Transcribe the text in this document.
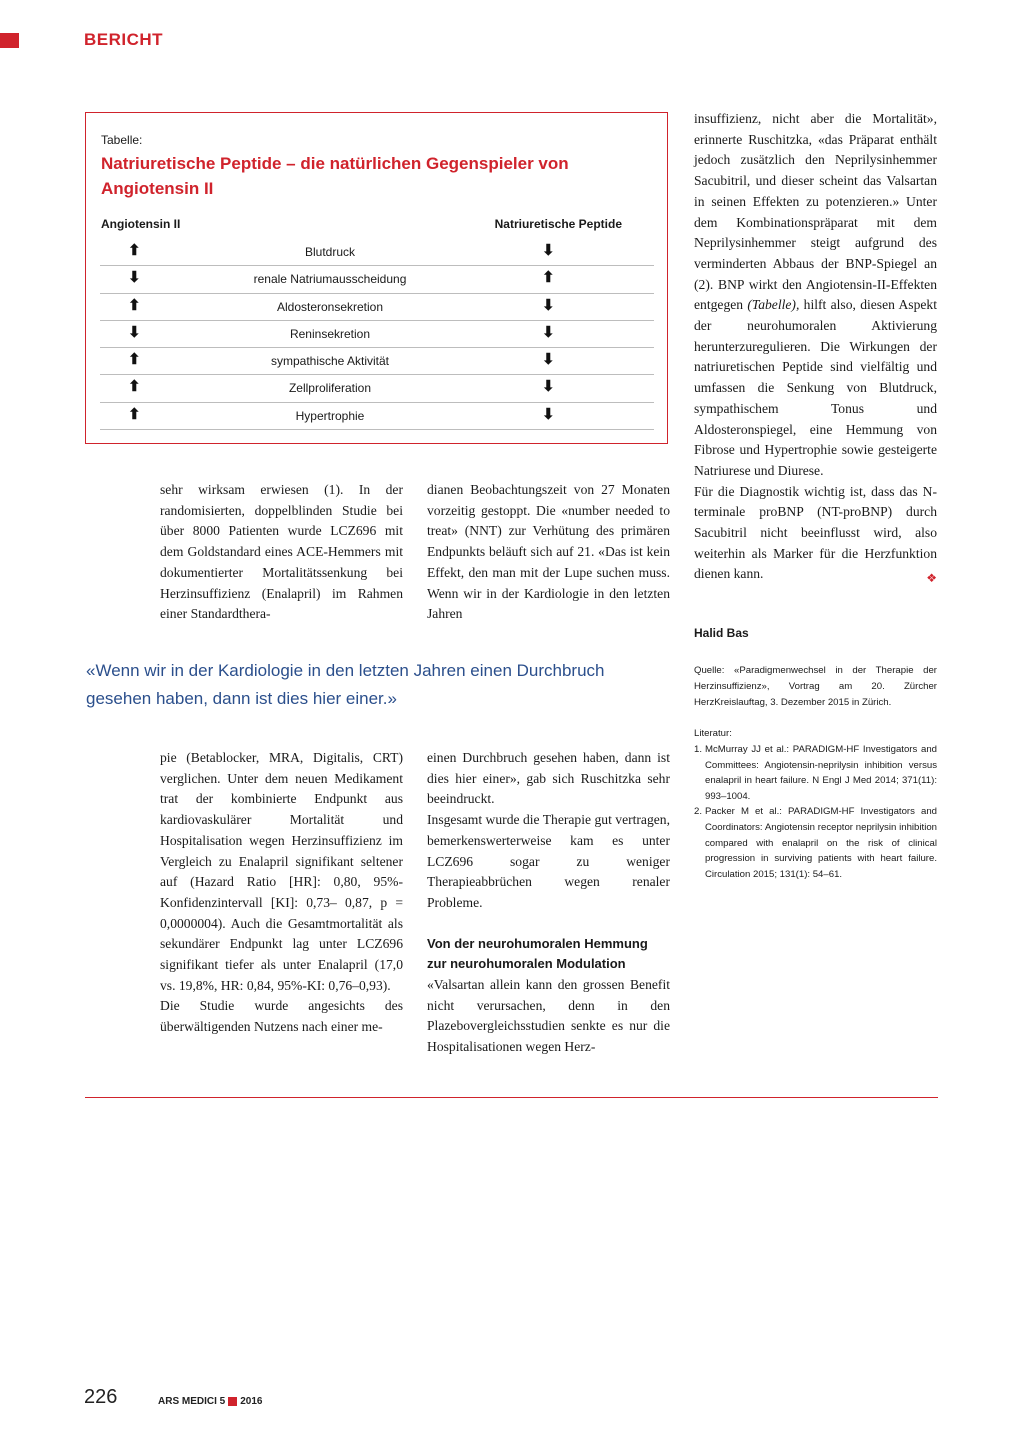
BERICHT
Tabelle:
Natriuretische Peptide – die natürlichen Gegenspieler von Angiotensin II
Angiotensin II	Natriuretische Peptide
⬆	Blutdruck	⬇
⬇	renale Natriumausscheidung	⬆
⬆	Aldosteronsekretion	⬇
⬇	Reninsekretion	⬇
⬆	sympathische Aktivität	⬇
⬆	Zellproliferation	⬇
⬆	Hypertrophie	⬇

sehr wirksam erwiesen (1). In der randomisierten, doppelblinden Studie bei über 8000 Patienten wurde LCZ696 mit dem Goldstandard eines ACE-Hemmers mit dokumentierter Mortalitätssenkung bei Herzinsuffizienz (Enalapril) im Rahmen einer Standardthera-

dianen Beobachtungszeit von 27 Monaten vorzeitig gestoppt. Die «number needed to treat» (NNT) zur Verhütung des primären Endpunkts beläuft sich auf 21. «Das ist kein Effekt, den man mit der Lupe suchen muss. Wenn wir in der Kardiologie in den letzten Jahren

«Wenn wir in der Kardiologie in den letzten Jahren einen Durchbruch gesehen haben, dann ist dies hier einer.»

pie (Betablocker, MRA, Digitalis, CRT) verglichen. Unter dem neuen Medikament trat der kombinierte Endpunkt aus kardiovaskulärer Mortalität und Hospitalisation wegen Herzinsuffizienz im Vergleich zu Enalapril signifikant seltener auf (Hazard Ratio [HR]: 0,80, 95%-Konfidenzintervall [KI]: 0,73– 0,87, p = 0,0000004). Auch die Gesamtmortalität als sekundärer Endpunkt lag unter LCZ696 signifikant tiefer als unter Enalapril (17,0 vs. 19,8%, HR: 0,84, 95%-KI: 0,76–0,93).

Die Studie wurde angesichts des überwältigenden Nutzens nach einer me-

einen Durchbruch gesehen haben, dann ist dies hier einer», gab sich Ruschitzka sehr beeindruckt.

Insgesamt wurde die Therapie gut vertragen, bemerkenswerterweise kam es unter LCZ696 sogar zu weniger Therapieabbrüchen wegen renaler Probleme.

Von der neurohumoralen Hemmung zur neurohumoralen Modulation

«Valsartan allein kann den grossen Benefit nicht verursachen, denn in den Plazebovergleichsstudien senkte es nur die Hospitalisationen wegen Herz-

insuffizienz, nicht aber die Mortalität», erinnerte Ruschitzka, «das Präparat enthält jedoch zusätzlich den Neprilysinhemmer Sacubitril, und dieser scheint das Valsartan in seinen Effekten zu potenzieren.» Unter dem Kombinationspräparat mit dem Neprilysinhemmer steigt aufgrund des verminderten Abbaus der BNP-Spiegel an (2). BNP wirkt den Angiotensin-II-Effekten entgegen (Tabelle), hilft also, diesen Aspekt der neurohumoralen Aktivierung herunterzuregulieren. Die Wirkungen der natriuretischen Peptide sind vielfältig und umfassen die Senkung von Blutdruck, sympathischem Tonus und Aldosteronspiegel, eine Hemmung von Fibrose und Hypertrophie sowie gesteigerte Natriurese und Diurese.

Für die Diagnostik wichtig ist, dass das N-terminale proBNP (NT-proBNP) durch Sacubitril nicht beeinflusst wird, also weiterhin als Marker für die Herzfunktion dienen kann.	❖

Halid Bas
Quelle: «Paradigmenwechsel in der Therapie der Herzinsuffizienz», Vortrag am 20. Zürcher HerzKreislauftag, 3. Dezember 2015 in Zürich.
Literatur:
1. McMurray JJ et al.: PARADIGM-HF Investigators and Committees: Angiotensin-neprilysin inhibition versus enalapril in heart failure. N Engl J Med 2014; 371(11): 993–1004.
2. Packer M et al.: PARADIGM-HF Investigators and Coordinators: Angiotensin receptor neprilysin inhibition compared with enalapril on the risk of clinical progression in surviving patients with heart failure. Circulation 2015; 131(1): 54–61.
226	ARS MEDICI 5 2016
